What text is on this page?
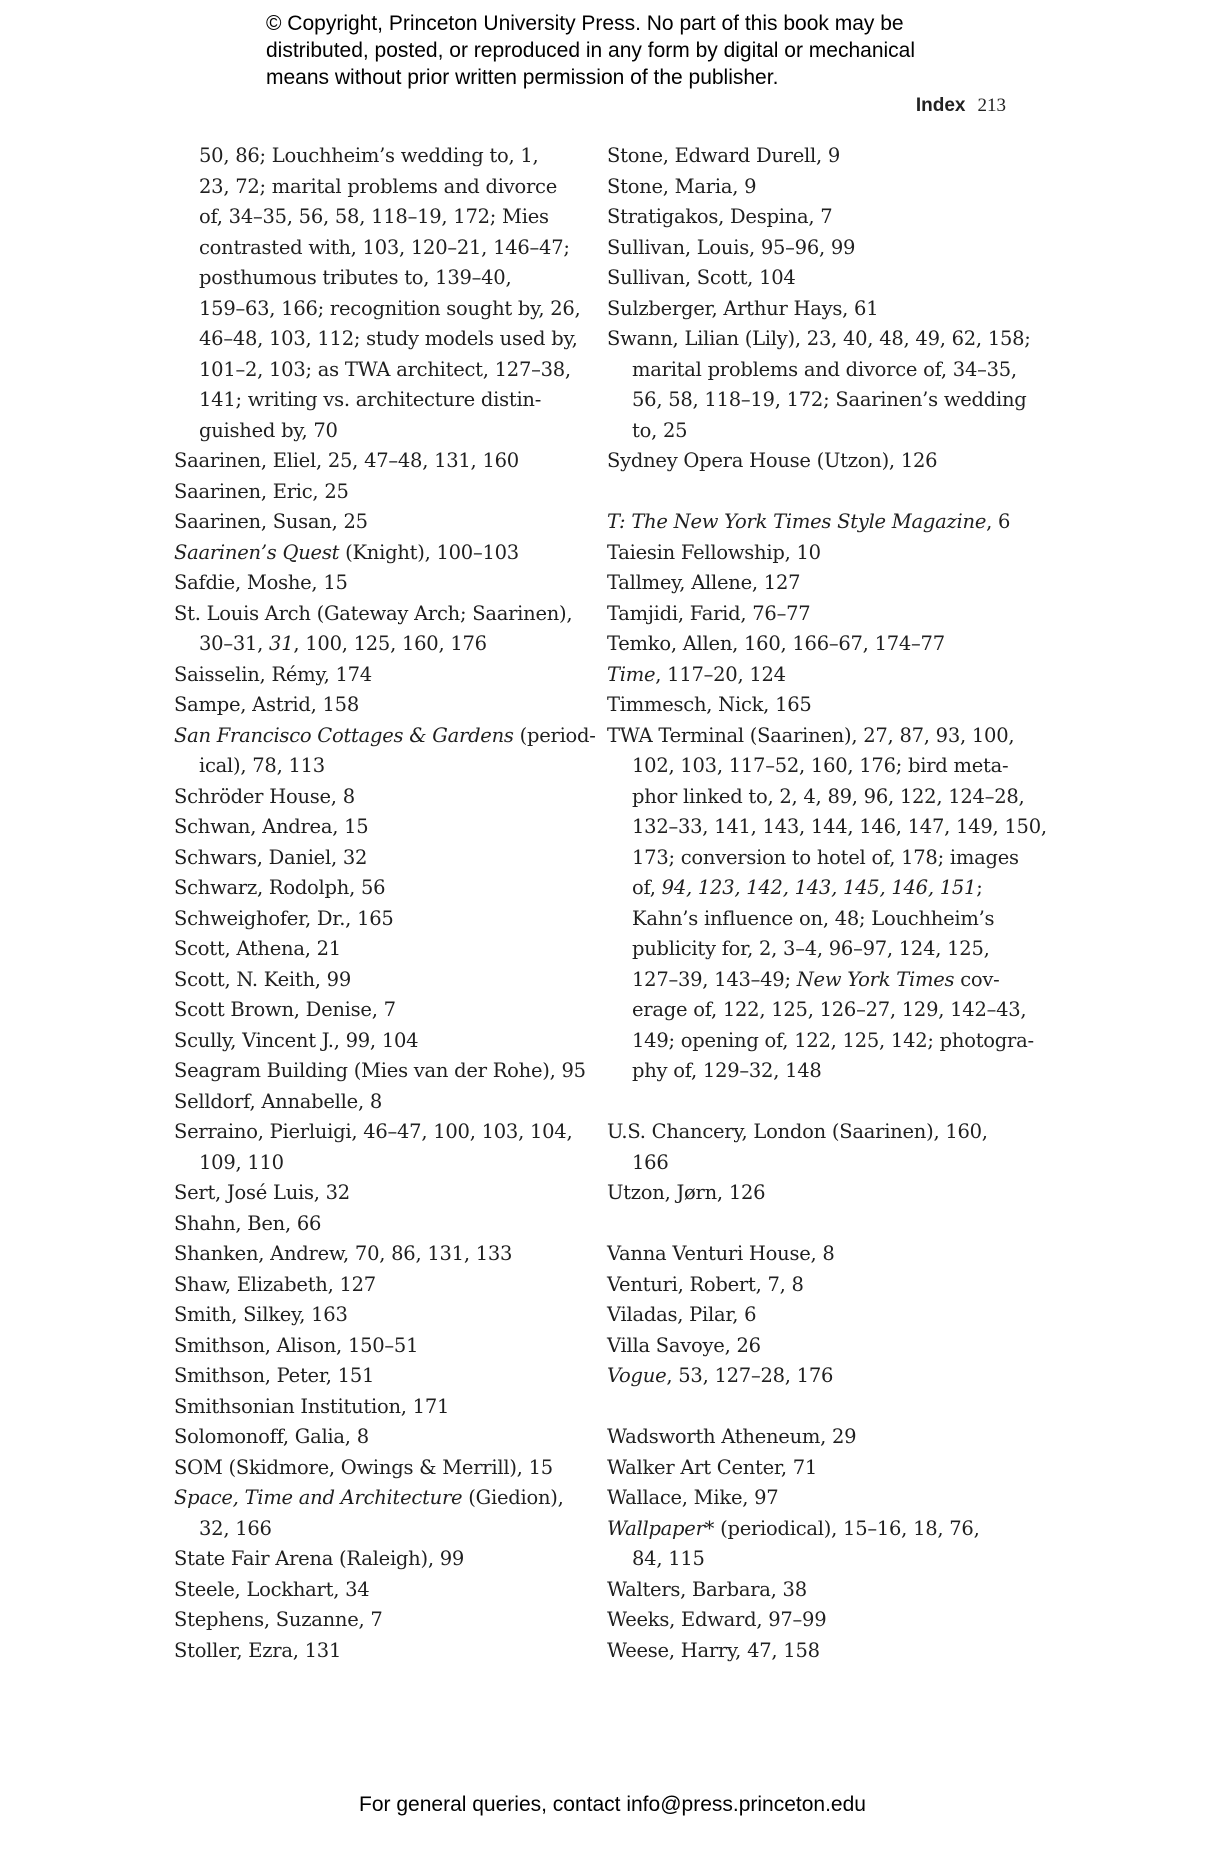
© Copyright, Princeton University Press. No part of this book may be
distributed, posted, or reproduced in any form by digital or mechanical
means without prior written permission of the publisher.
Index 213
50, 86; Louchheim’s wedding to, 1,
23, 72; marital problems and divorce
of, 34–35, 56, 58, 118–19, 172; Mies
contrasted with, 103, 120–21, 146–47;
posthumous tributes to, 139–40,
159–63, 166; recognition sought by, 26,
46–48, 103, 112; study models used by,
101–2, 103; as TWA architect, 127–38,
141; writing vs. architecture distin-
guished by, 70
Saarinen, Eliel, 25, 47–48, 131, 160
Saarinen, Eric, 25
Saarinen, Susan, 25
Saarinen’s Quest (Knight), 100–103
Safdie, Moshe, 15
St. Louis Arch (Gateway Arch; Saarinen),
30–31, 31, 100, 125, 160, 176
Saisselin, Rémy, 174
Sampe, Astrid, 158
San Francisco Cottages & Gardens (period-
ical), 78, 113
Schröder House, 8
Schwan, Andrea, 15
Schwars, Daniel, 32
Schwarz, Rodolph, 56
Schweighofer, Dr., 165
Scott, Athena, 21
Scott, N. Keith, 99
Scott Brown, Denise, 7
Scully, Vincent J., 99, 104
Seagram Building (Mies van der Rohe), 95
Selldorf, Annabelle, 8
Serraino, Pierluigi, 46–47, 100, 103, 104,
109, 110
Sert, José Luis, 32
Shahn, Ben, 66
Shanken, Andrew, 70, 86, 131, 133
Shaw, Elizabeth, 127
Smith, Silkey, 163
Smithson, Alison, 150–51
Smithson, Peter, 151
Smithsonian Institution, 171
Solomonoff, Galia, 8
SOM (Skidmore, Owings & Merrill), 15
Space, Time and Architecture (Giedion),
32, 166
State Fair Arena (Raleigh), 99
Steele, Lockhart, 34
Stephens, Suzanne, 7
Stoller, Ezra, 131
Stone, Edward Durell, 9
Stone, Maria, 9
Stratigakos, Despina, 7
Sullivan, Louis, 95–96, 99
Sullivan, Scott, 104
Sulzberger, Arthur Hays, 61
Swann, Lilian (Lily), 23, 40, 48, 49, 62, 158;
marital problems and divorce of, 34–35,
56, 58, 118–19, 172; Saarinen’s wedding
to, 25
Sydney Opera House (Utzon), 126
T: The New York Times Style Magazine, 6
Taiesin Fellowship, 10
Tallmey, Allene, 127
Tamjidi, Farid, 76–77
Temko, Allen, 160, 166–67, 174–77
Time, 117–20, 124
Timmesch, Nick, 165
TWA Terminal (Saarinen), 27, 87, 93, 100,
102, 103, 117–52, 160, 176; bird meta-
phor linked to, 2, 4, 89, 96, 122, 124–28,
132–33, 141, 143, 144, 146, 147, 149, 150,
173; conversion to hotel of, 178; images
of, 94, 123, 142, 143, 145, 146, 151;
Kahn’s influence on, 48; Louchheim’s
publicity for, 2, 3–4, 96–97, 124, 125,
127–39, 143–49; New York Times cov-
erage of, 122, 125, 126–27, 129, 142–43,
149; opening of, 122, 125, 142; photogra-
phy of, 129–32, 148
U.S. Chancery, London (Saarinen), 160,
166
Utzon, Jørn, 126
Vanna Venturi House, 8
Venturi, Robert, 7, 8
Viladas, Pilar, 6
Villa Savoye, 26
Vogue, 53, 127–28, 176
Wadsworth Atheneum, 29
Walker Art Center, 71
Wallace, Mike, 97
Wallpaper* (periodical), 15–16, 18, 76,
84, 115
Walters, Barbara, 38
Weeks, Edward, 97–99
Weese, Harry, 47, 158
For general queries, contact info@press.princeton.edu
